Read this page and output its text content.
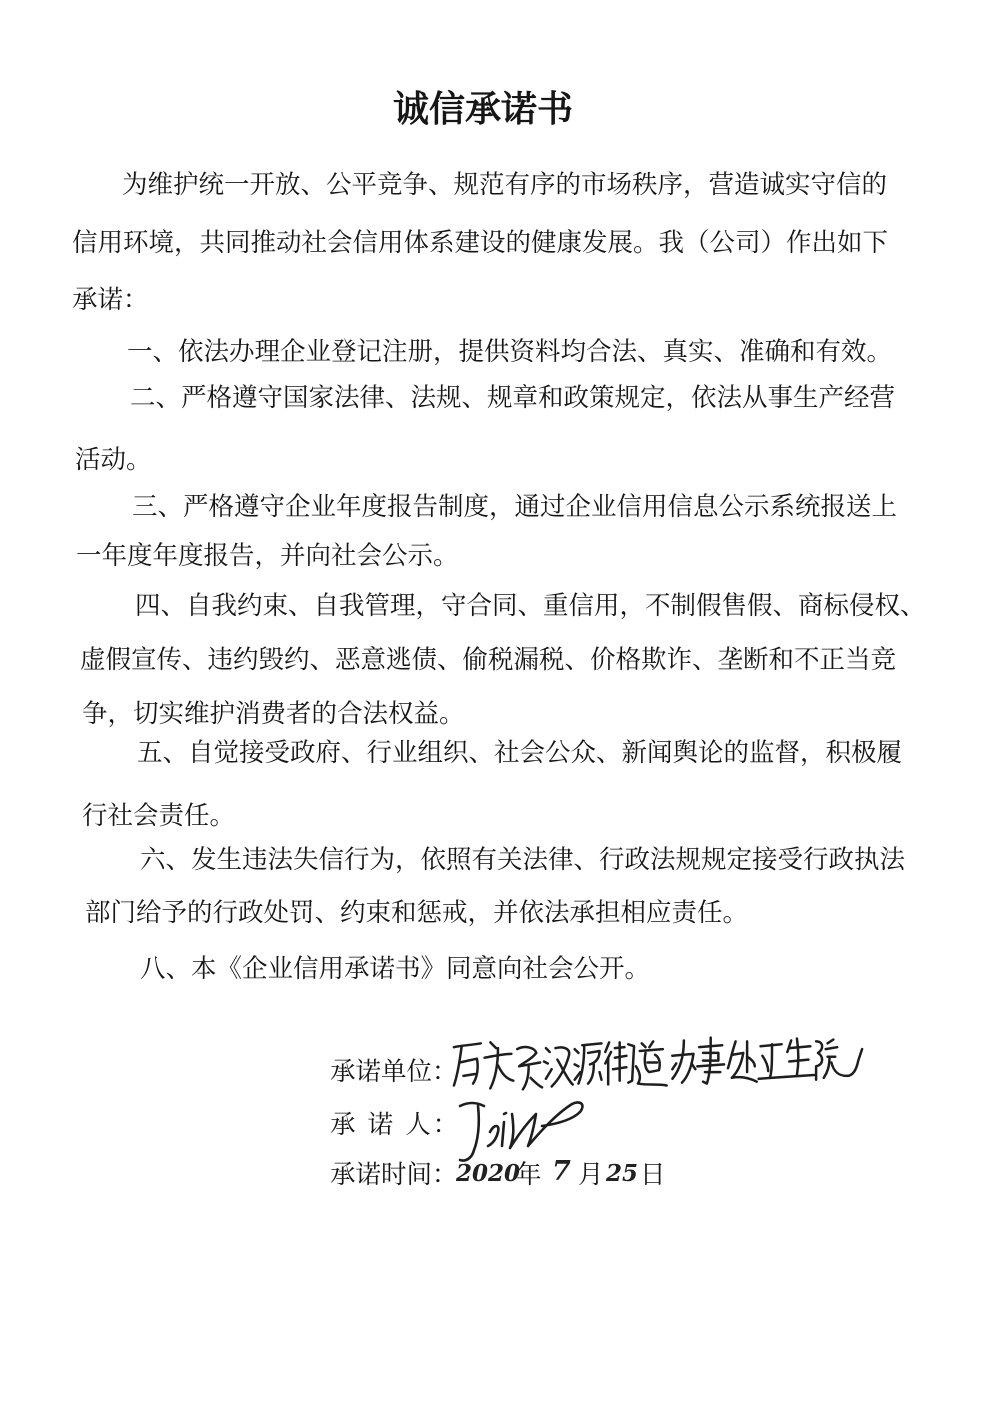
诚信承诺书
为维护统一开放、公平竞争、规范有序的市场秩序，营造诚实守信的
信用环境，共同推动社会信用体系建设的健康发展。我（公司）作出如下
承诺：
一、依法办理企业登记注册，提供资料均合法、真实、准确和有效。
二、严格遵守国家法律、法规、规章和政策规定，依法从事生产经营
活动。
三、严格遵守企业年度报告制度，通过企业信用信息公示系统报送上
一年度年度报告，并向社会公示。
四、自我约束、自我管理，守合同、重信用，不制假售假、商标侵权、
虚假宣传、违约毁约、恶意逃债、偷税漏税、价格欺诈、垄断和不正当竞
争，切实维护消费者的合法权益。
五、自觉接受政府、行业组织、社会公众、新闻舆论的监督，积极履
行社会责任。
六、发生违法失信行为，依照有关法律、行政法规规定接受行政执法
部门给予的行政处罚、约束和惩戒，并依法承担相应责任。
八、本《企业信用承诺书》同意向社会公开。
承诺单位：
承 诺 人：
承诺时间：
2020
年 7 月 25 日
